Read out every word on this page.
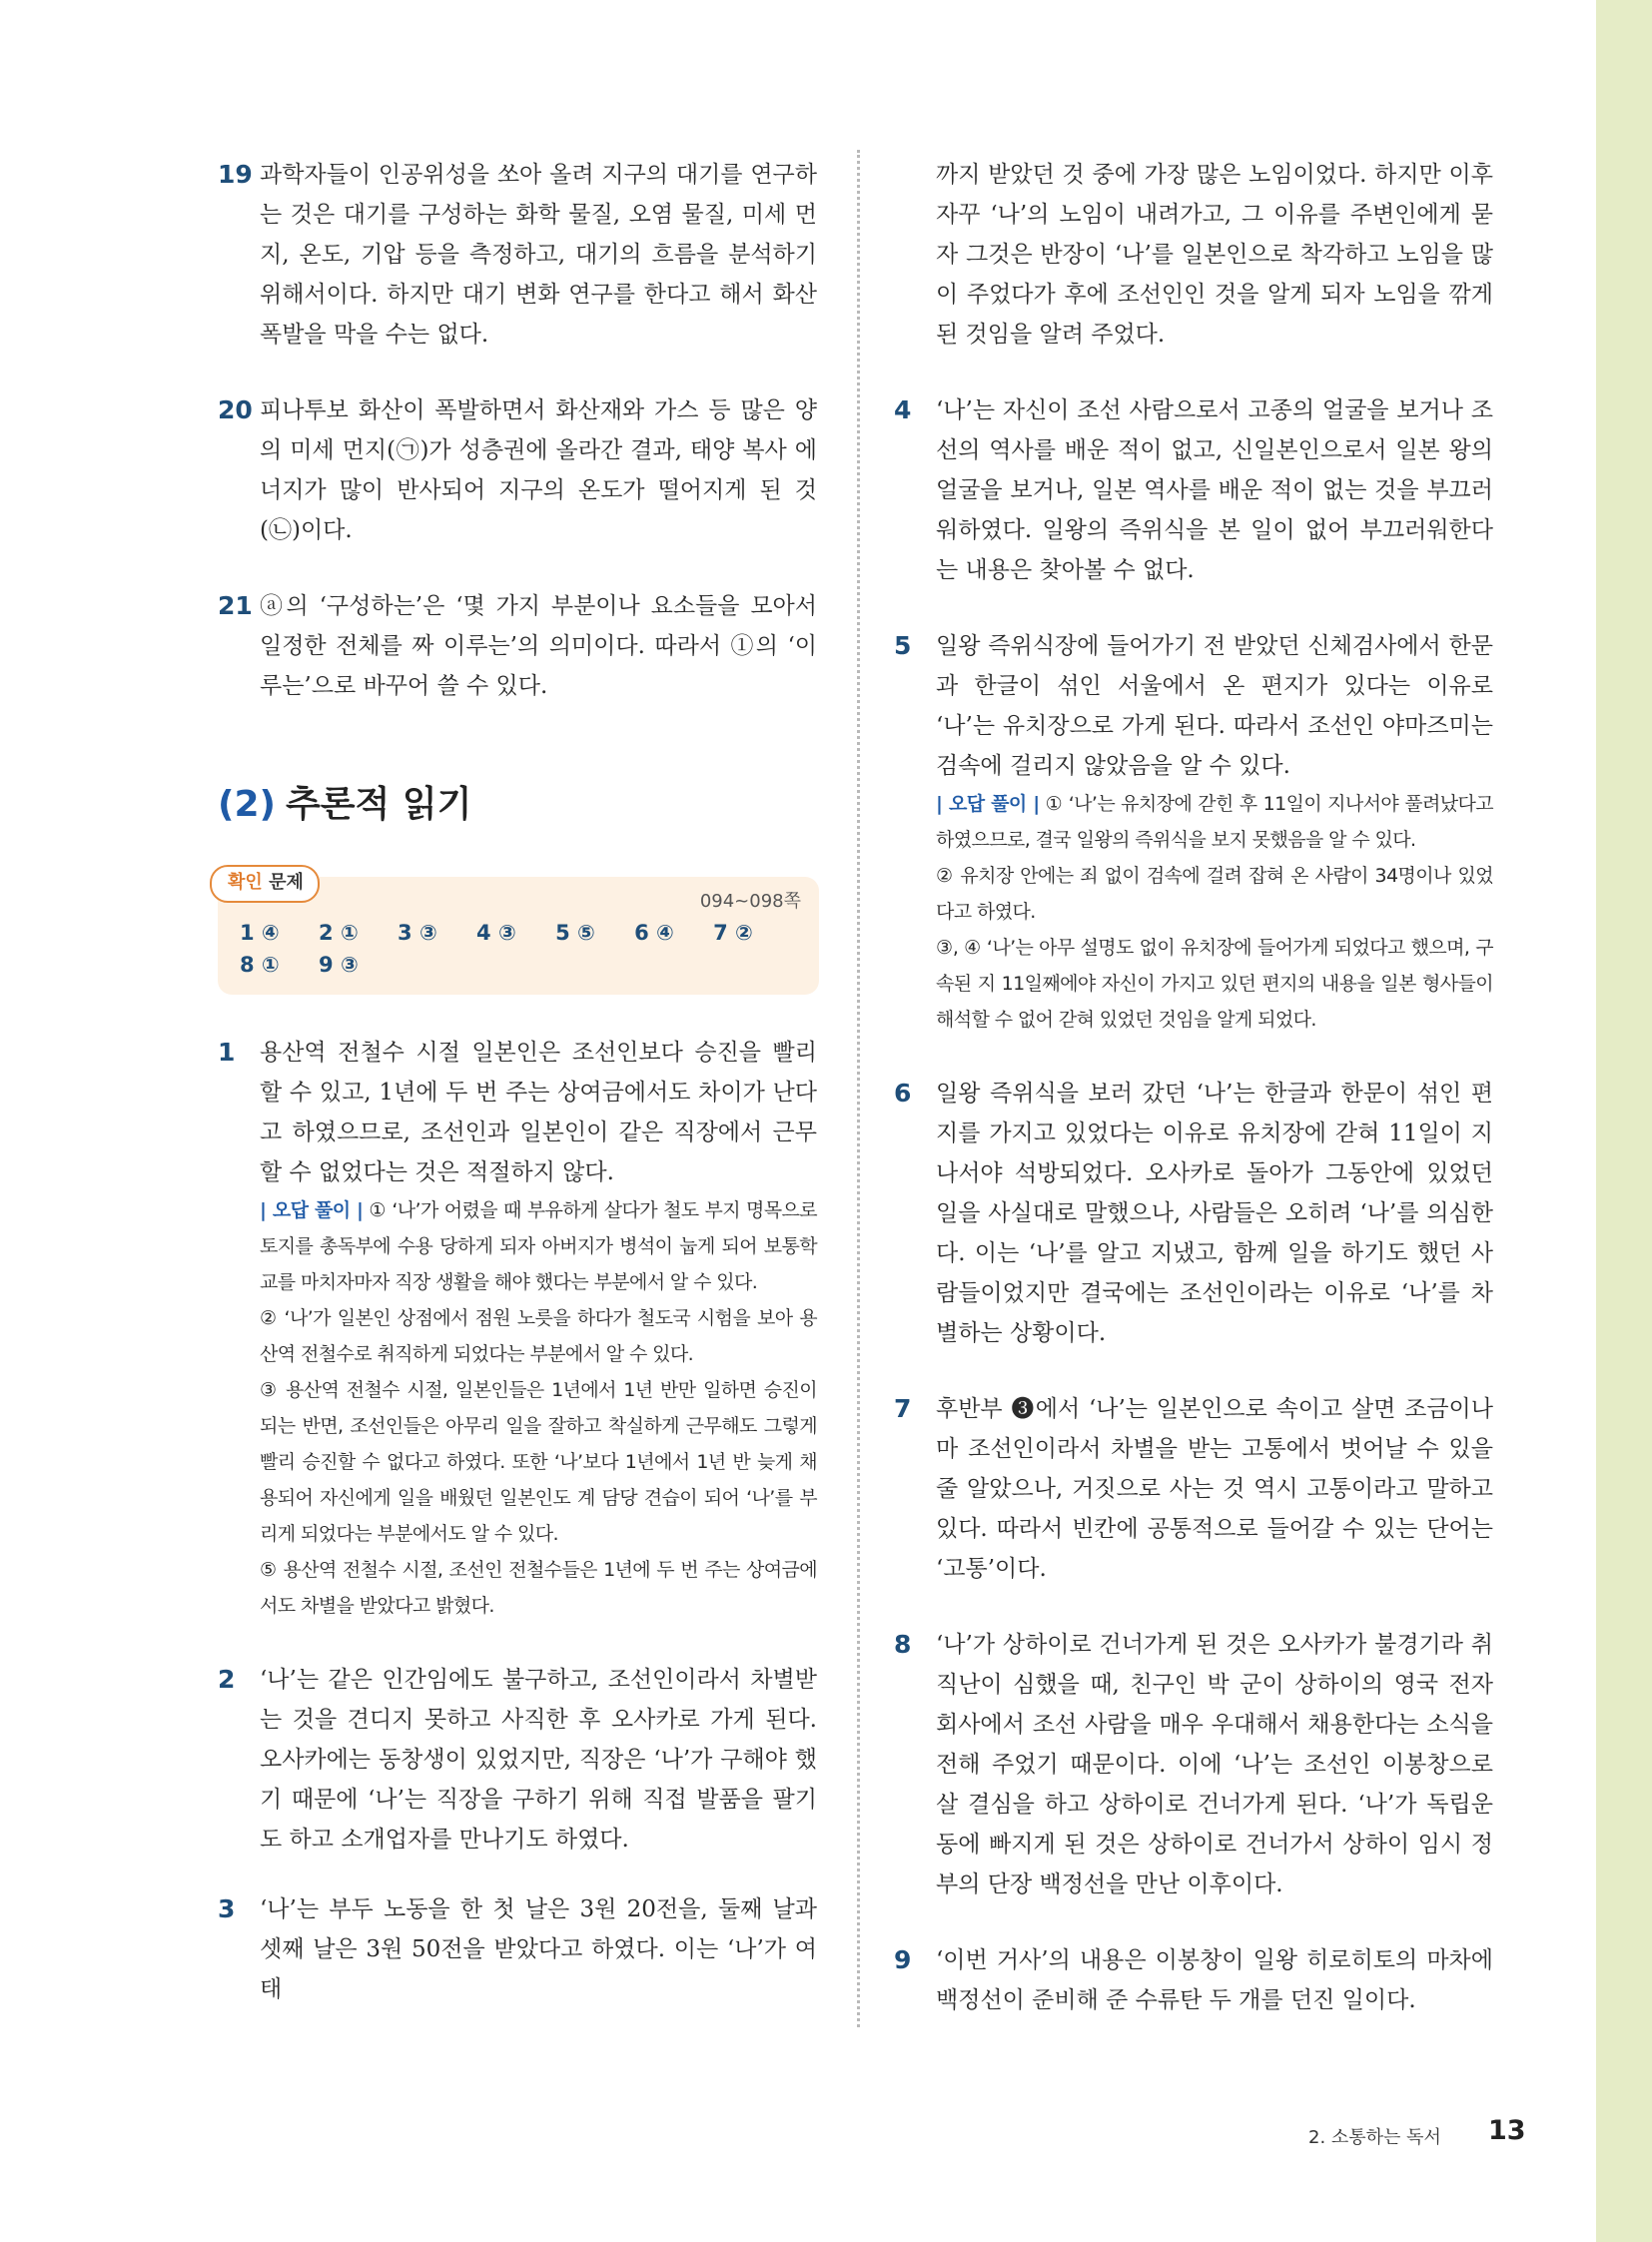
19 과학자들이 인공위성을 쏘아 올려 지구의 대기를 연구하는 것은 대기를 구성하는 화학 물질, 오염 물질, 미세 먼지, 온도, 기압 등을 측정하고, 대기의 흐름을 분석하기 위해서이다. 하지만 대기 변화 연구를 한다고 해서 화산 폭발을 막을 수는 없다.
20 피나투보 화산이 폭발하면서 화산재와 가스 등 많은 양의 미세 먼지(㉠)가 성층권에 올라간 결과, 태양 복사 에너지가 많이 반사되어 지구의 온도가 떨어지게 된 것(㉡)이다.
21 ⓐ의 ‘구성하는’은 ‘몇 가지 부분이나 요소들을 모아서 일정한 전체를 짜 이루는’의 의미이다. 따라서 ①의 ‘이루는’으로 바꾸어 쓸 수 있다.
(2) 추론적 읽기
확인 문제
094~098쪽
1 ④ 2 ① 3 ③ 4 ③ 5 ⑤ 6 ④ 7 ② 8 ① 9 ③
1	용산역 전철수 시절 일본인은 조선인보다 승진을 빨리 할 수 있고, 1년에 두 번 주는 상여금에서도 차이가 난다고 하였으므로, 조선인과 일본인이 같은 직장에서 근무할 수 없었다는 것은 적절하지 않다.
| 오답 풀이 | ① ‘나’가 어렸을 때 부유하게 살다가 철도 부지 명목으로 토지를 총독부에 수용 당하게 되자 아버지가 병석이 눕게 되어 보통학교를 마치자마자 직장 생활을 해야 했다는 부분에서 알 수 있다.
② ‘나’가 일본인 상점에서 점원 노릇을 하다가 철도국 시험을 보아 용산역 전철수로 취직하게 되었다는 부분에서 알 수 있다.
③ 용산역 전철수 시절, 일본인들은 1년에서 1년 반만 일하면 승진이 되는 반면, 조선인들은 아무리 일을 잘하고 착실하게 근무해도 그렇게 빨리 승진할 수 없다고 하였다. 또한 ‘나’보다 1년에서 1년 반 늦게 채용되어 자신에게 일을 배웠던 일본인도 계 담당 견습이 되어 ‘나’를 부리게 되었다는 부분에서도 알 수 있다.
⑤ 용산역 전철수 시절, 조선인 전철수들은 1년에 두 번 주는 상여금에서도 차별을 받았다고 밝혔다.
2	‘나’는 같은 인간임에도 불구하고, 조선인이라서 차별받는 것을 견디지 못하고 사직한 후 오사카로 가게 된다. 오사카에는 동창생이 있었지만, 직장은 ‘나’가 구해야 했기 때문에 ‘나’는 직장을 구하기 위해 직접 발품을 팔기도 하고 소개업자를 만나기도 하였다.
3	‘나’는 부두 노동을 한 첫 날은 3원 20전을, 둘째 날과 셋째 날은 3원 50전을 받았다고 하였다. 이는 ‘나’가 여태
까지 받았던 것 중에 가장 많은 노임이었다. 하지만 이후 자꾸 ‘나’의 노임이 내려가고, 그 이유를 주변인에게 묻자 그것은 반장이 ‘나’를 일본인으로 착각하고 노임을 많이 주었다가 후에 조선인인 것을 알게 되자 노임을 깎게 된 것임을 알려 주었다.
4	‘나’는 자신이 조선 사람으로서 고종의 얼굴을 보거나 조선의 역사를 배운 적이 없고, 신일본인으로서 일본 왕의 얼굴을 보거나, 일본 역사를 배운 적이 없는 것을 부끄러워하였다. 일왕의 즉위식을 본 일이 없어 부끄러워한다는 내용은 찾아볼 수 없다.
5	일왕 즉위식장에 들어가기 전 받았던 신체검사에서 한문과 한글이 섞인 서울에서 온 편지가 있다는 이유로 ‘나’는 유치장으로 가게 된다. 따라서 조선인 야마즈미는 검속에 걸리지 않았음을 알 수 있다.
| 오답 풀이 | ① ‘나’는 유치장에 갇힌 후 11일이 지나서야 풀려났다고 하였으므로, 결국 일왕의 즉위식을 보지 못했음을 알 수 있다.
② 유치장 안에는 죄 없이 검속에 걸려 잡혀 온 사람이 34명이나 있었다고 하였다.
③, ④ ‘나’는 아무 설명도 없이 유치장에 들어가게 되었다고 했으며, 구속된 지 11일째에야 자신이 가지고 있던 편지의 내용을 일본 형사들이 해석할 수 없어 갇혀 있었던 것임을 알게 되었다.
6	일왕 즉위식을 보러 갔던 ‘나’는 한글과 한문이 섞인 편지를 가지고 있었다는 이유로 유치장에 갇혀 11일이 지나서야 석방되었다. 오사카로 돌아가 그동안에 있었던 일을 사실대로 말했으나, 사람들은 오히려 ‘나’를 의심한다. 이는 ‘나’를 알고 지냈고, 함께 일을 하기도 했던 사람들이었지만 결국에는 조선인이라는 이유로 ‘나’를 차별하는 상황이다.
7	후반부 ❸에서 ‘나’는 일본인으로 속이고 살면 조금이나마 조선인이라서 차별을 받는 고통에서 벗어날 수 있을 줄 알았으나, 거짓으로 사는 것 역시 고통이라고 말하고 있다. 따라서 빈칸에 공통적으로 들어갈 수 있는 단어는 ‘고통’이다.
8	‘나’가 상하이로 건너가게 된 것은 오사카가 불경기라 취직난이 심했을 때, 친구인 박 군이 상하이의 영국 전자 회사에서 조선 사람을 매우 우대해서 채용한다는 소식을 전해 주었기 때문이다. 이에 ‘나’는 조선인 이봉창으로 살 결심을 하고 상하이로 건너가게 된다. ‘나’가 독립운동에 빠지게 된 것은 상하이로 건너가서 상하이 임시 정부의 단장 백정선을 만난 이후이다.
9	‘이번 거사’의 내용은 이봉창이 일왕 히로히토의 마차에 백정선이 준비해 준 수류탄 두 개를 던진 일이다.
2. 소통하는 독서 13
